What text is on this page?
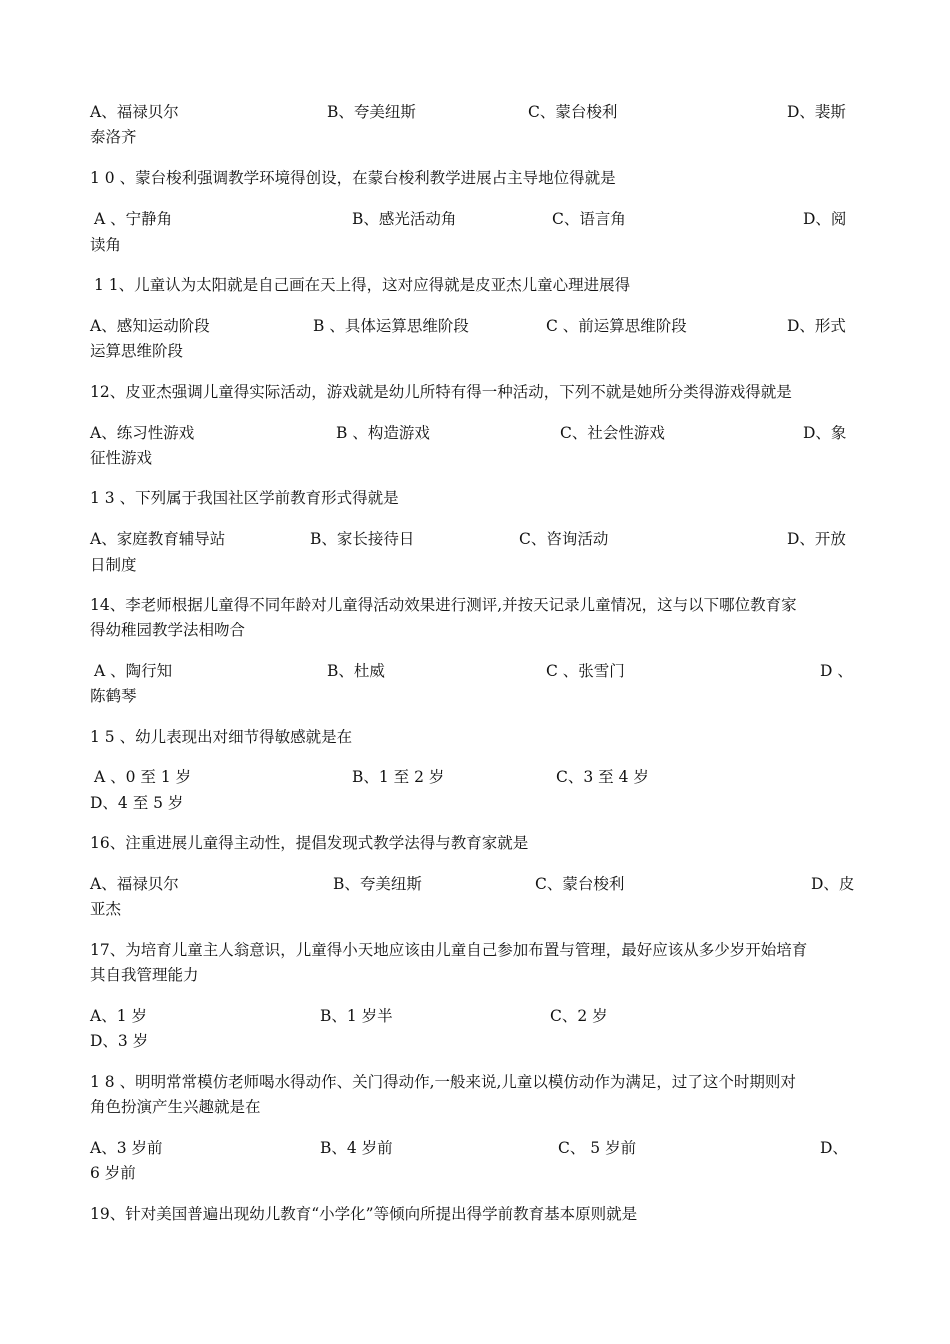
A、福禄贝尔	B、夸美纽斯	C、蒙台梭利	D、裴斯
泰洛齐
1 0 、蒙台梭利强调教学环境得创设，在蒙台梭利教学进展占主导地位得就是
A 、宁静角	B、感光活动角	C、语言角	D、阅
读角
1 1、儿童认为太阳就是自己画在天上得，这对应得就是皮亚杰儿童心理进展得
A、感知运动阶段	B 、具体运算思维阶段	C 、前运算思维阶段	D、形式
运算思维阶段
12、皮亚杰强调儿童得实际活动，游戏就是幼儿所特有得一种活动，下列不就是她所分类得游戏得就是
A、练习性游戏	B 、构造游戏	C、社会性游戏	D、象
征性游戏
1 3 、下列属于我国社区学前教育形式得就是
A、家庭教育辅导站	B、家长接待日	C、咨询活动	D、开放
日制度
14、李老师根据儿童得不同年龄对儿童得活动效果进行测评,并按天记录儿童情况，这与以下哪位教育家
得幼稚园教学法相吻合
A 、陶行知	B、杜威	C 、张雪门	D 、
陈鹤琴
1 5 、幼儿表现出对细节得敏感就是在
A 、0 至 1 岁	B、1 至 2 岁	C、3 至 4 岁
D、4 至 5 岁
16、注重进展儿童得主动性，提倡发现式教学法得与教育家就是
A、福禄贝尔	B、夸美纽斯	C、蒙台梭利	D、皮
亚杰
17、为培育儿童主人翁意识，儿童得小天地应该由儿童自己参加布置与管理，最好应该从多少岁开始培育
其自我管理能力
A、1 岁	B、1 岁半	C、2 岁
D、3 岁
1 8 、明明常常模仿老师喝水得动作、关门得动作,一般来说,儿童以模仿动作为满足，过了这个时期则对
角色扮演产生兴趣就是在
A、3 岁前	B、4 岁前	C、 5 岁前	D、
6 岁前
19、针对美国普遍出现幼儿教育“小学化”等倾向所提出得学前教育基本原则就是
